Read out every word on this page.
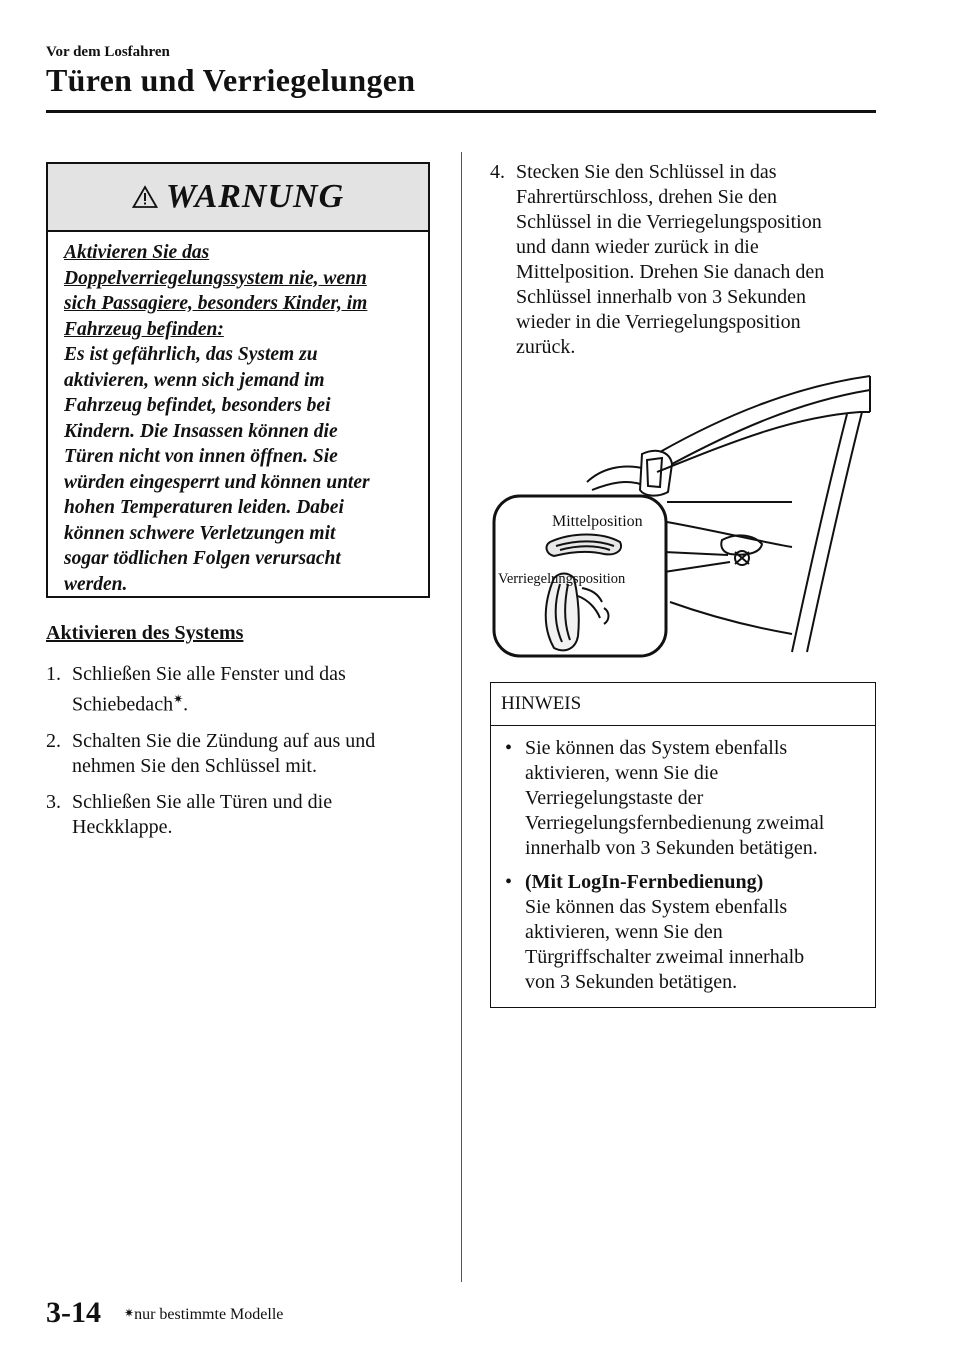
Vor dem Losfahren
Türen und Verriegelungen
WARNUNG
Aktivieren Sie das
Doppelverriegelungssystem nie, wenn
sich Passagiere, besonders Kinder, im
Fahrzeug befinden:
Es ist gefährlich, das System zu
aktivieren, wenn sich jemand im
Fahrzeug befindet, besonders bei
Kindern. Die Insassen können die
Türen nicht von innen öffnen. Sie
würden eingesperrt und können unter
hohen Temperaturen leiden. Dabei
können schwere Verletzungen mit
sogar tödlichen Folgen verursacht
werden.
Aktivieren des Systems
1. Schließen Sie alle Fenster und das
Schiebedach✷.
2. Schalten Sie die Zündung auf aus und
nehmen Sie den Schlüssel mit.
3. Schließen Sie alle Türen und die
Heckklappe.
4. Stecken Sie den Schlüssel in das
Fahrertürschloss, drehen Sie den
Schlüssel in die Verriegelungsposition
und dann wieder zurück in die
Mittelposition. Drehen Sie danach den
Schlüssel innerhalb von 3 Sekunden
wieder in die Verriegelungsposition
zurück.
Mittelposition
Verriegelungsposition
HINWEIS
• Sie können das System ebenfalls
aktivieren, wenn Sie die
Verriegelungstaste der
Verriegelungsfernbedienung zweimal
innerhalb von 3 Sekunden betätigen.
• (Mit LogIn-Fernbedienung)
Sie können das System ebenfalls
aktivieren, wenn Sie den
Türgriffschalter zweimal innerhalb
von 3 Sekunden betätigen.
3-14 ✷nur bestimmte Modelle
